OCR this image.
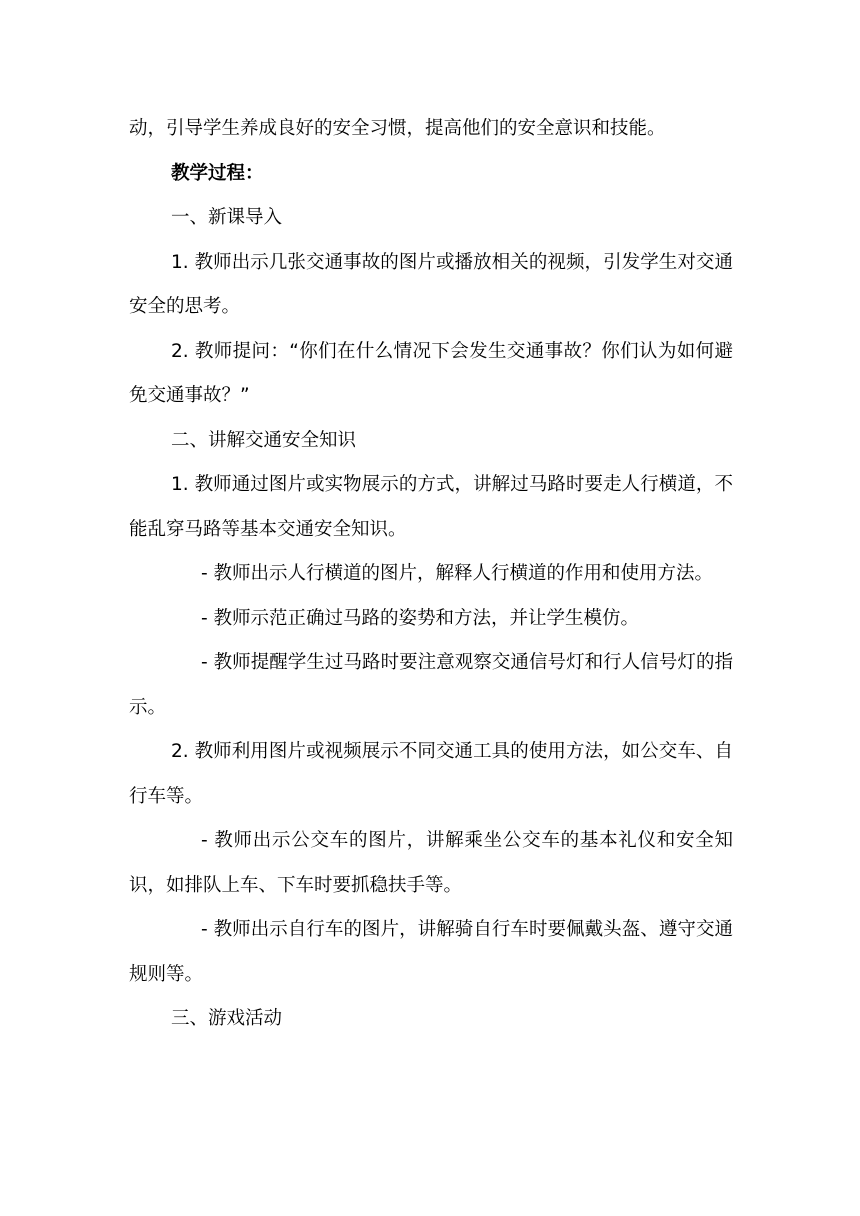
动，引导学生养成良好的安全习惯，提高他们的安全意识和技能。

教学过程：

一、新课导入

1. 教师出示几张交通事故的图片或播放相关的视频，引发学生对交通安全的思考。

2. 教师提问：“你们在什么情况下会发生交通事故？你们认为如何避免交通事故？”

二、讲解交通安全知识

1. 教师通过图片或实物展示的方式，讲解过马路时要走人行横道，不能乱穿马路等基本交通安全知识。

- 教师出示人行横道的图片，解释人行横道的作用和使用方法。

- 教师示范正确过马路的姿势和方法，并让学生模仿。

- 教师提醒学生过马路时要注意观察交通信号灯和行人信号灯的指示。

2. 教师利用图片或视频展示不同交通工具的使用方法，如公交车、自行车等。

- 教师出示公交车的图片，讲解乘坐公交车的基本礼仪和安全知识，如排队上车、下车时要抓稳扶手等。

- 教师出示自行车的图片，讲解骑自行车时要佩戴头盔、遵守交通规则等。

三、游戏活动
